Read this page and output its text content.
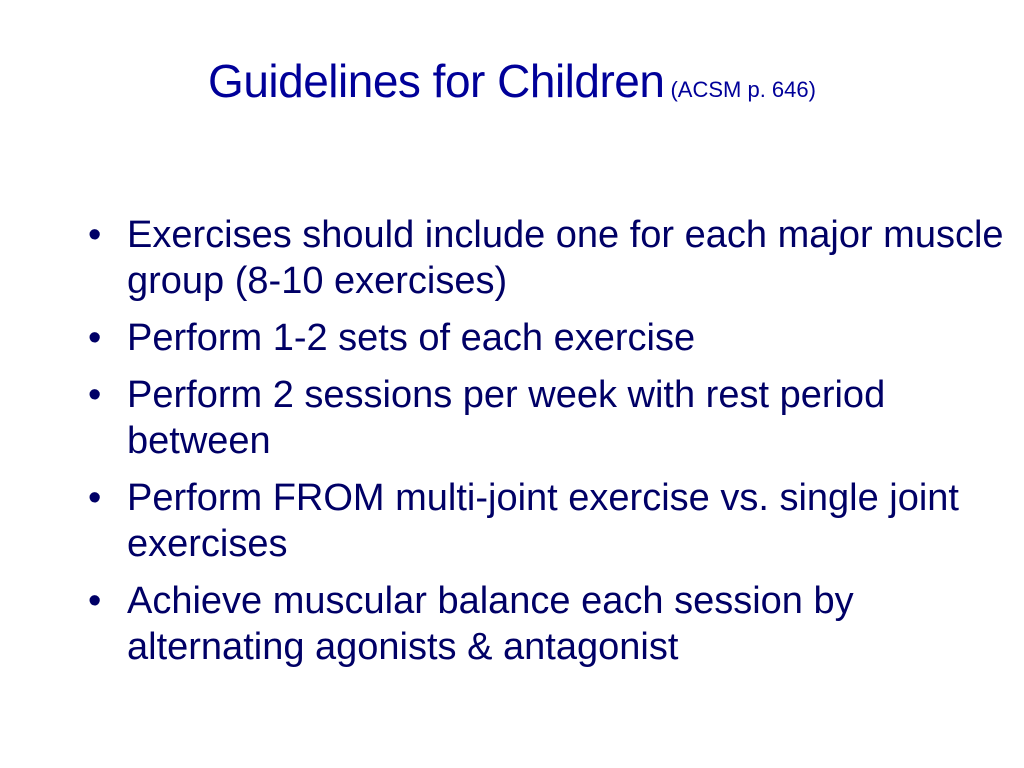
Guidelines for Children (ACSM p. 646)
• Exercises should include one for each major muscle group (8-10 exercises)
• Perform 1-2 sets of each exercise
• Perform 2 sessions per week with rest period between
• Perform FROM multi-joint exercise vs. single joint exercises
• Achieve muscular balance each session by alternating agonists & antagonist
